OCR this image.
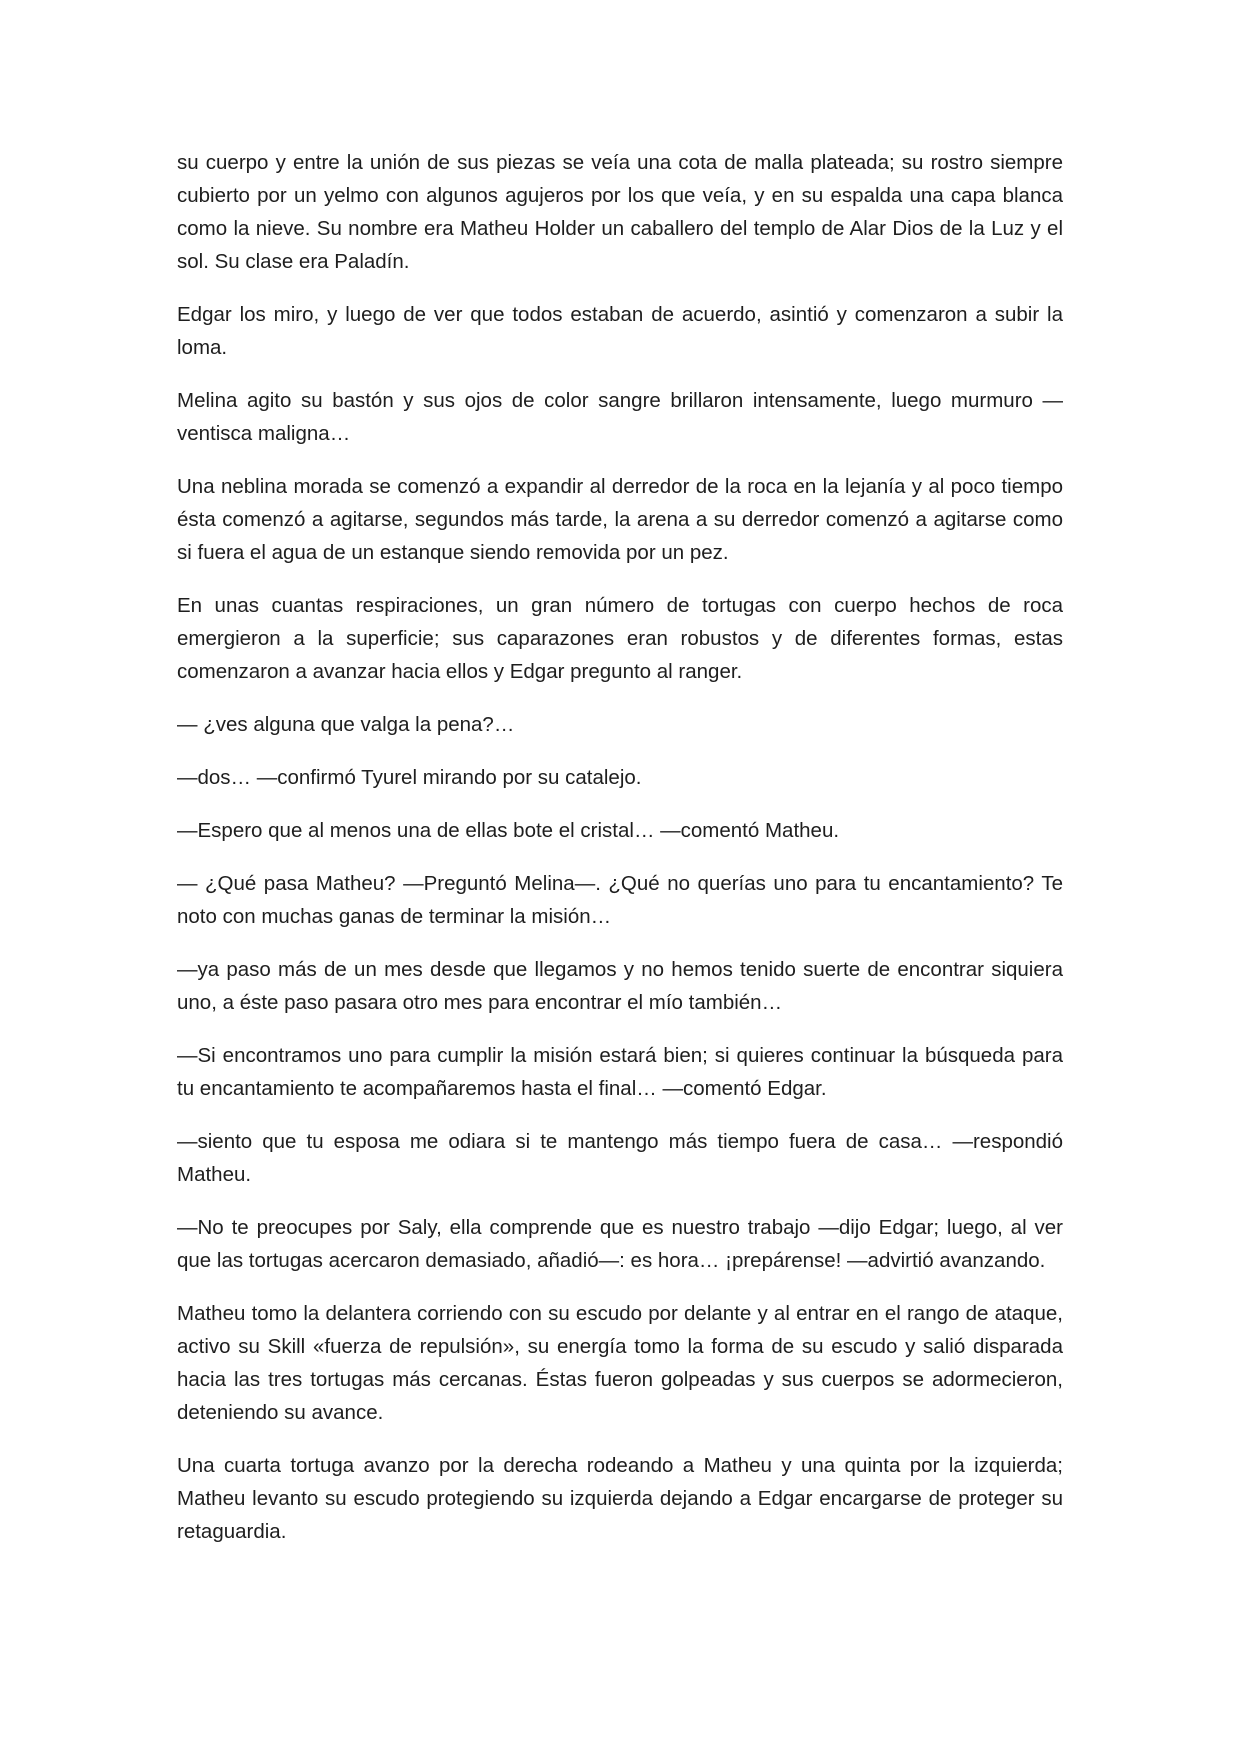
su cuerpo y entre la unión de sus piezas se veía una cota de malla plateada; su rostro siempre cubierto por un yelmo con algunos agujeros por los que veía, y en su espalda una capa blanca como la nieve. Su nombre era Matheu Holder un caballero del templo de Alar Dios de la Luz y el sol. Su clase era Paladín.

Edgar los miro, y luego de ver que todos estaban de acuerdo, asintió y comenzaron a subir la loma.

Melina agito su bastón y sus ojos de color sangre brillaron intensamente, luego murmuro —ventisca maligna…

Una neblina morada se comenzó a expandir al derredor de la roca en la lejanía y al poco tiempo ésta comenzó a agitarse, segundos más tarde, la arena a su derredor comenzó a agitarse como si fuera el agua de un estanque siendo removida por un pez.

En unas cuantas respiraciones, un gran número de tortugas con cuerpo hechos de roca emergieron a la superficie; sus caparazones eran robustos y de diferentes formas, estas comenzaron a avanzar hacia ellos y Edgar pregunto al ranger.

— ¿ves alguna que valga la pena?…

—dos… —confirmó Tyurel mirando por su catalejo.

—Espero que al menos una de ellas bote el cristal… —comentó Matheu.

— ¿Qué pasa Matheu? —Preguntó Melina—. ¿Qué no querías uno para tu encantamiento? Te noto con muchas ganas de terminar la misión…

—ya paso más de un mes desde que llegamos y no hemos tenido suerte de encontrar siquiera uno, a éste paso pasara otro mes para encontrar el mío también…

—Si encontramos uno para cumplir la misión estará bien; si quieres continuar la búsqueda para tu encantamiento te acompañaremos hasta el final… —comentó Edgar.

—siento que tu esposa me odiara si te mantengo más tiempo fuera de casa… —respondió Matheu.

—No te preocupes por Saly, ella comprende que es nuestro trabajo —dijo Edgar; luego, al ver que las tortugas acercaron demasiado, añadió—: es hora… ¡prepárense! —advirtió avanzando.

Matheu tomo la delantera corriendo con su escudo por delante y al entrar en el rango de ataque, activo su Skill «fuerza de repulsión», su energía tomo la forma de su escudo y salió disparada hacia las tres tortugas más cercanas. Éstas fueron golpeadas y sus cuerpos se adormecieron, deteniendo su avance.

Una cuarta tortuga avanzo por la derecha rodeando a Matheu y una quinta por la izquierda; Matheu levanto su escudo protegiendo su izquierda dejando a Edgar encargarse de proteger su retaguardia.
